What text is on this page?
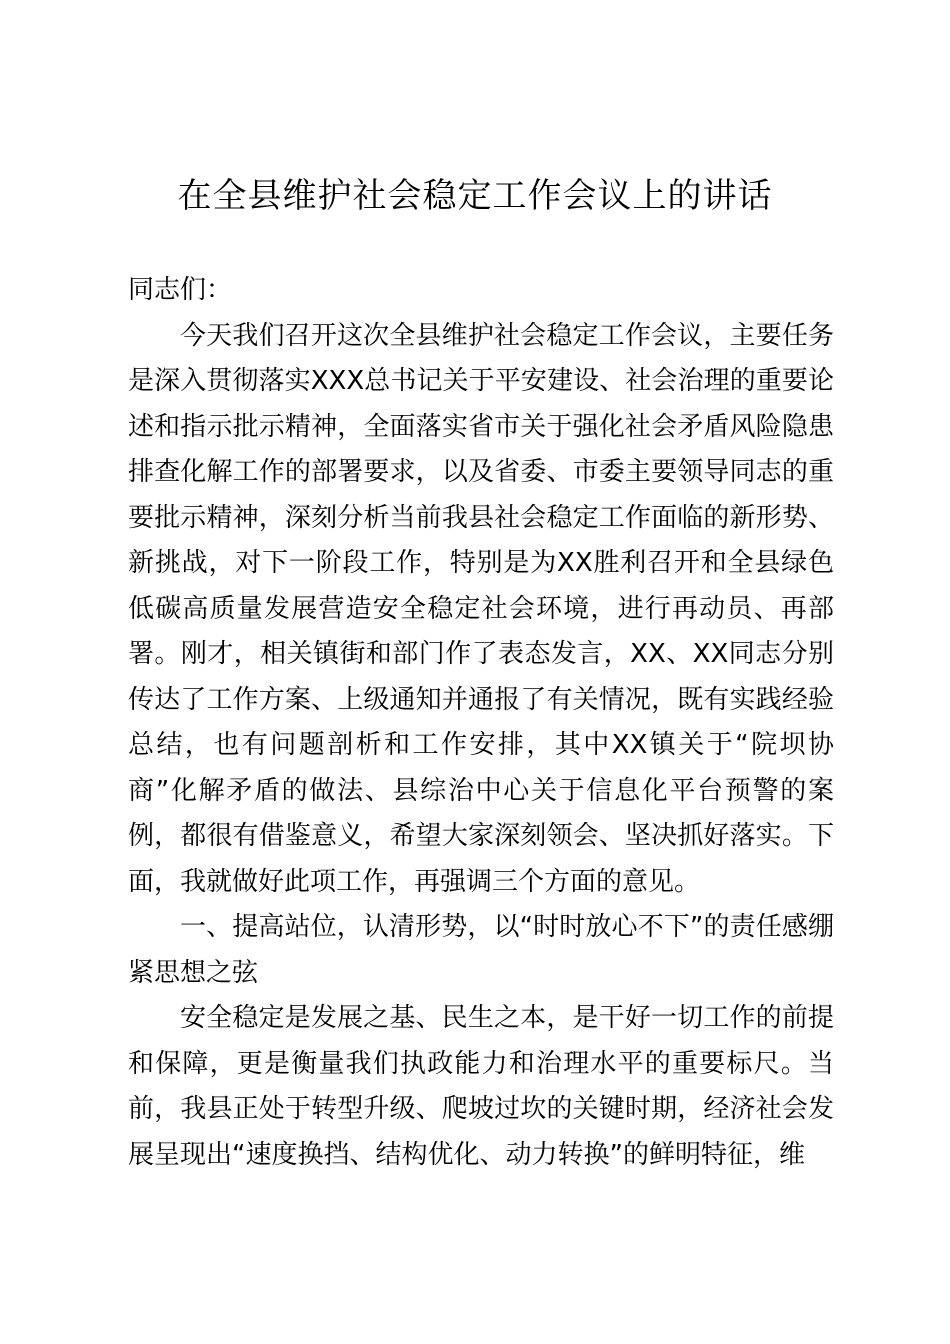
在全县维护社会稳定工作会议上的讲话

同志们：

今天我们召开这次全县维护社会稳定工作会议，主要任务是深入贯彻落实XXX总书记关于平安建设、社会治理的重要论述和指示批示精神，全面落实省市关于强化社会矛盾风险隐患排查化解工作的部署要求，以及省委、市委主要领导同志的重要批示精神，深刻分析当前我县社会稳定工作面临的新形势、新挑战，对下一阶段工作，特别是为XX胜利召开和全县绿色低碳高质量发展营造安全稳定社会环境，进行再动员、再部署。刚才，相关镇街和部门作了表态发言，XX、XX同志分别传达了工作方案、上级通知并通报了有关情况，既有实践经验总结，也有问题剖析和工作安排，其中XX镇关于“院坝协商”化解矛盾的做法、县综治中心关于信息化平台预警的案例，都很有借鉴意义，希望大家深刻领会、坚决抓好落实。下面，我就做好此项工作，再强调三个方面的意见。

一、提高站位，认清形势，以“时时放心不下”的责任感绷紧思想之弦

安全稳定是发展之基、民生之本，是干好一切工作的前提和保障，更是衡量我们执政能力和治理水平的重要标尺。当前，我县正处于转型升级、爬坡过坎的关键时期，经济社会发展呈现出“速度换挡、结构优化、动力转换”的鲜明特征，维
